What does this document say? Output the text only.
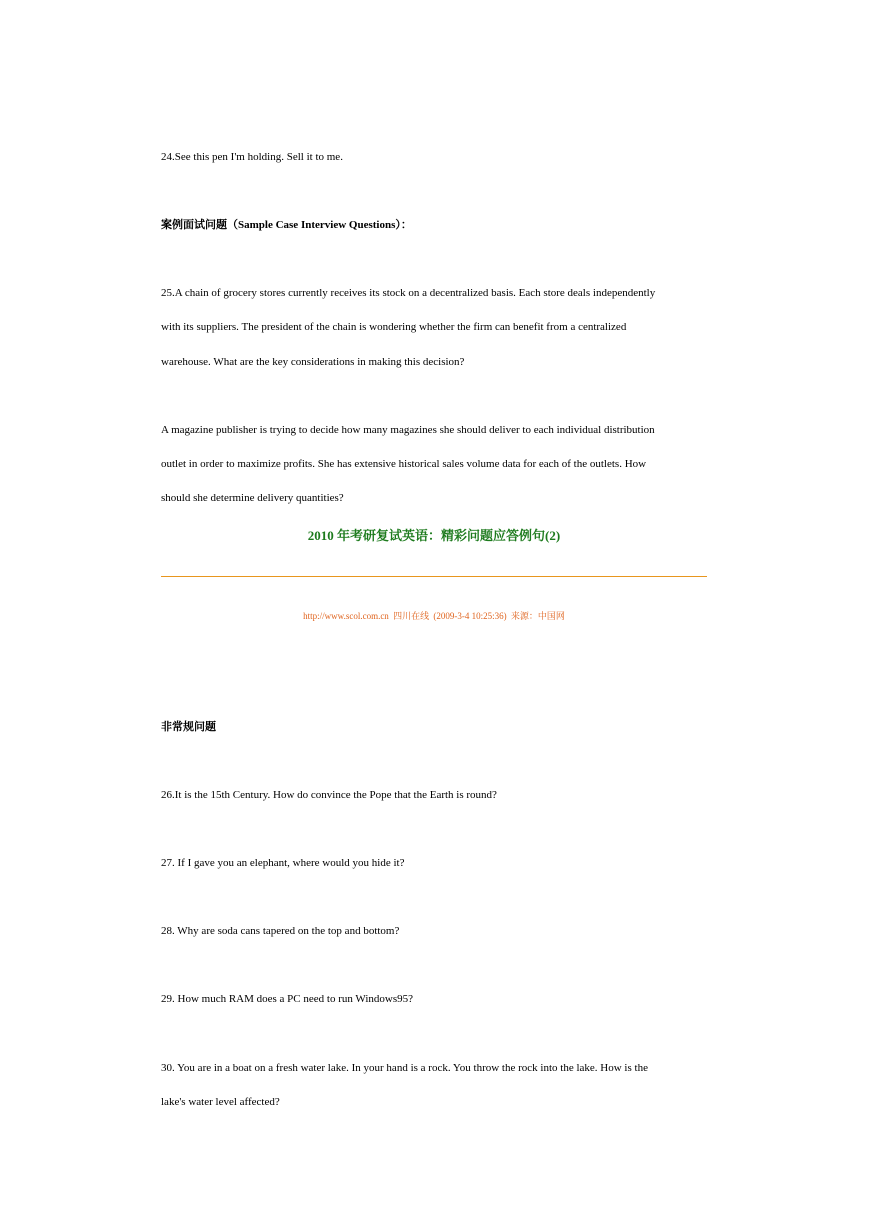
24.See this pen I'm holding. Sell it to me.
案例面试问题（Sample Case Interview Questions）：
25.A chain of grocery stores currently receives its stock on a decentralized basis. Each store deals independently
with its suppliers. The president of the chain is wondering whether the firm can benefit from a centralized
warehouse. What are the key considerations in making this decision?
A magazine publisher is trying to decide how many magazines she should deliver to each individual distribution
outlet in order to maximize profits. She has extensive historical sales volume data for each of the outlets. How
should she determine delivery quantities?
2010 年考研复试英语：精彩问题应答例句(2)
http://www.scol.com.cn 四川在线 (2009-3-4 10:25:36) 来源：中国网
非常规问题
26.It is the 15th Century. How do convince the Pope that the Earth is round?
27. If I gave you an elephant, where would you hide it?
28. Why are soda cans tapered on the top and bottom?
29. How much RAM does a PC need to run Windows95?
30. You are in a boat on a fresh water lake. In your hand is a rock. You throw the rock into the lake. How is the
lake's water level affected?
